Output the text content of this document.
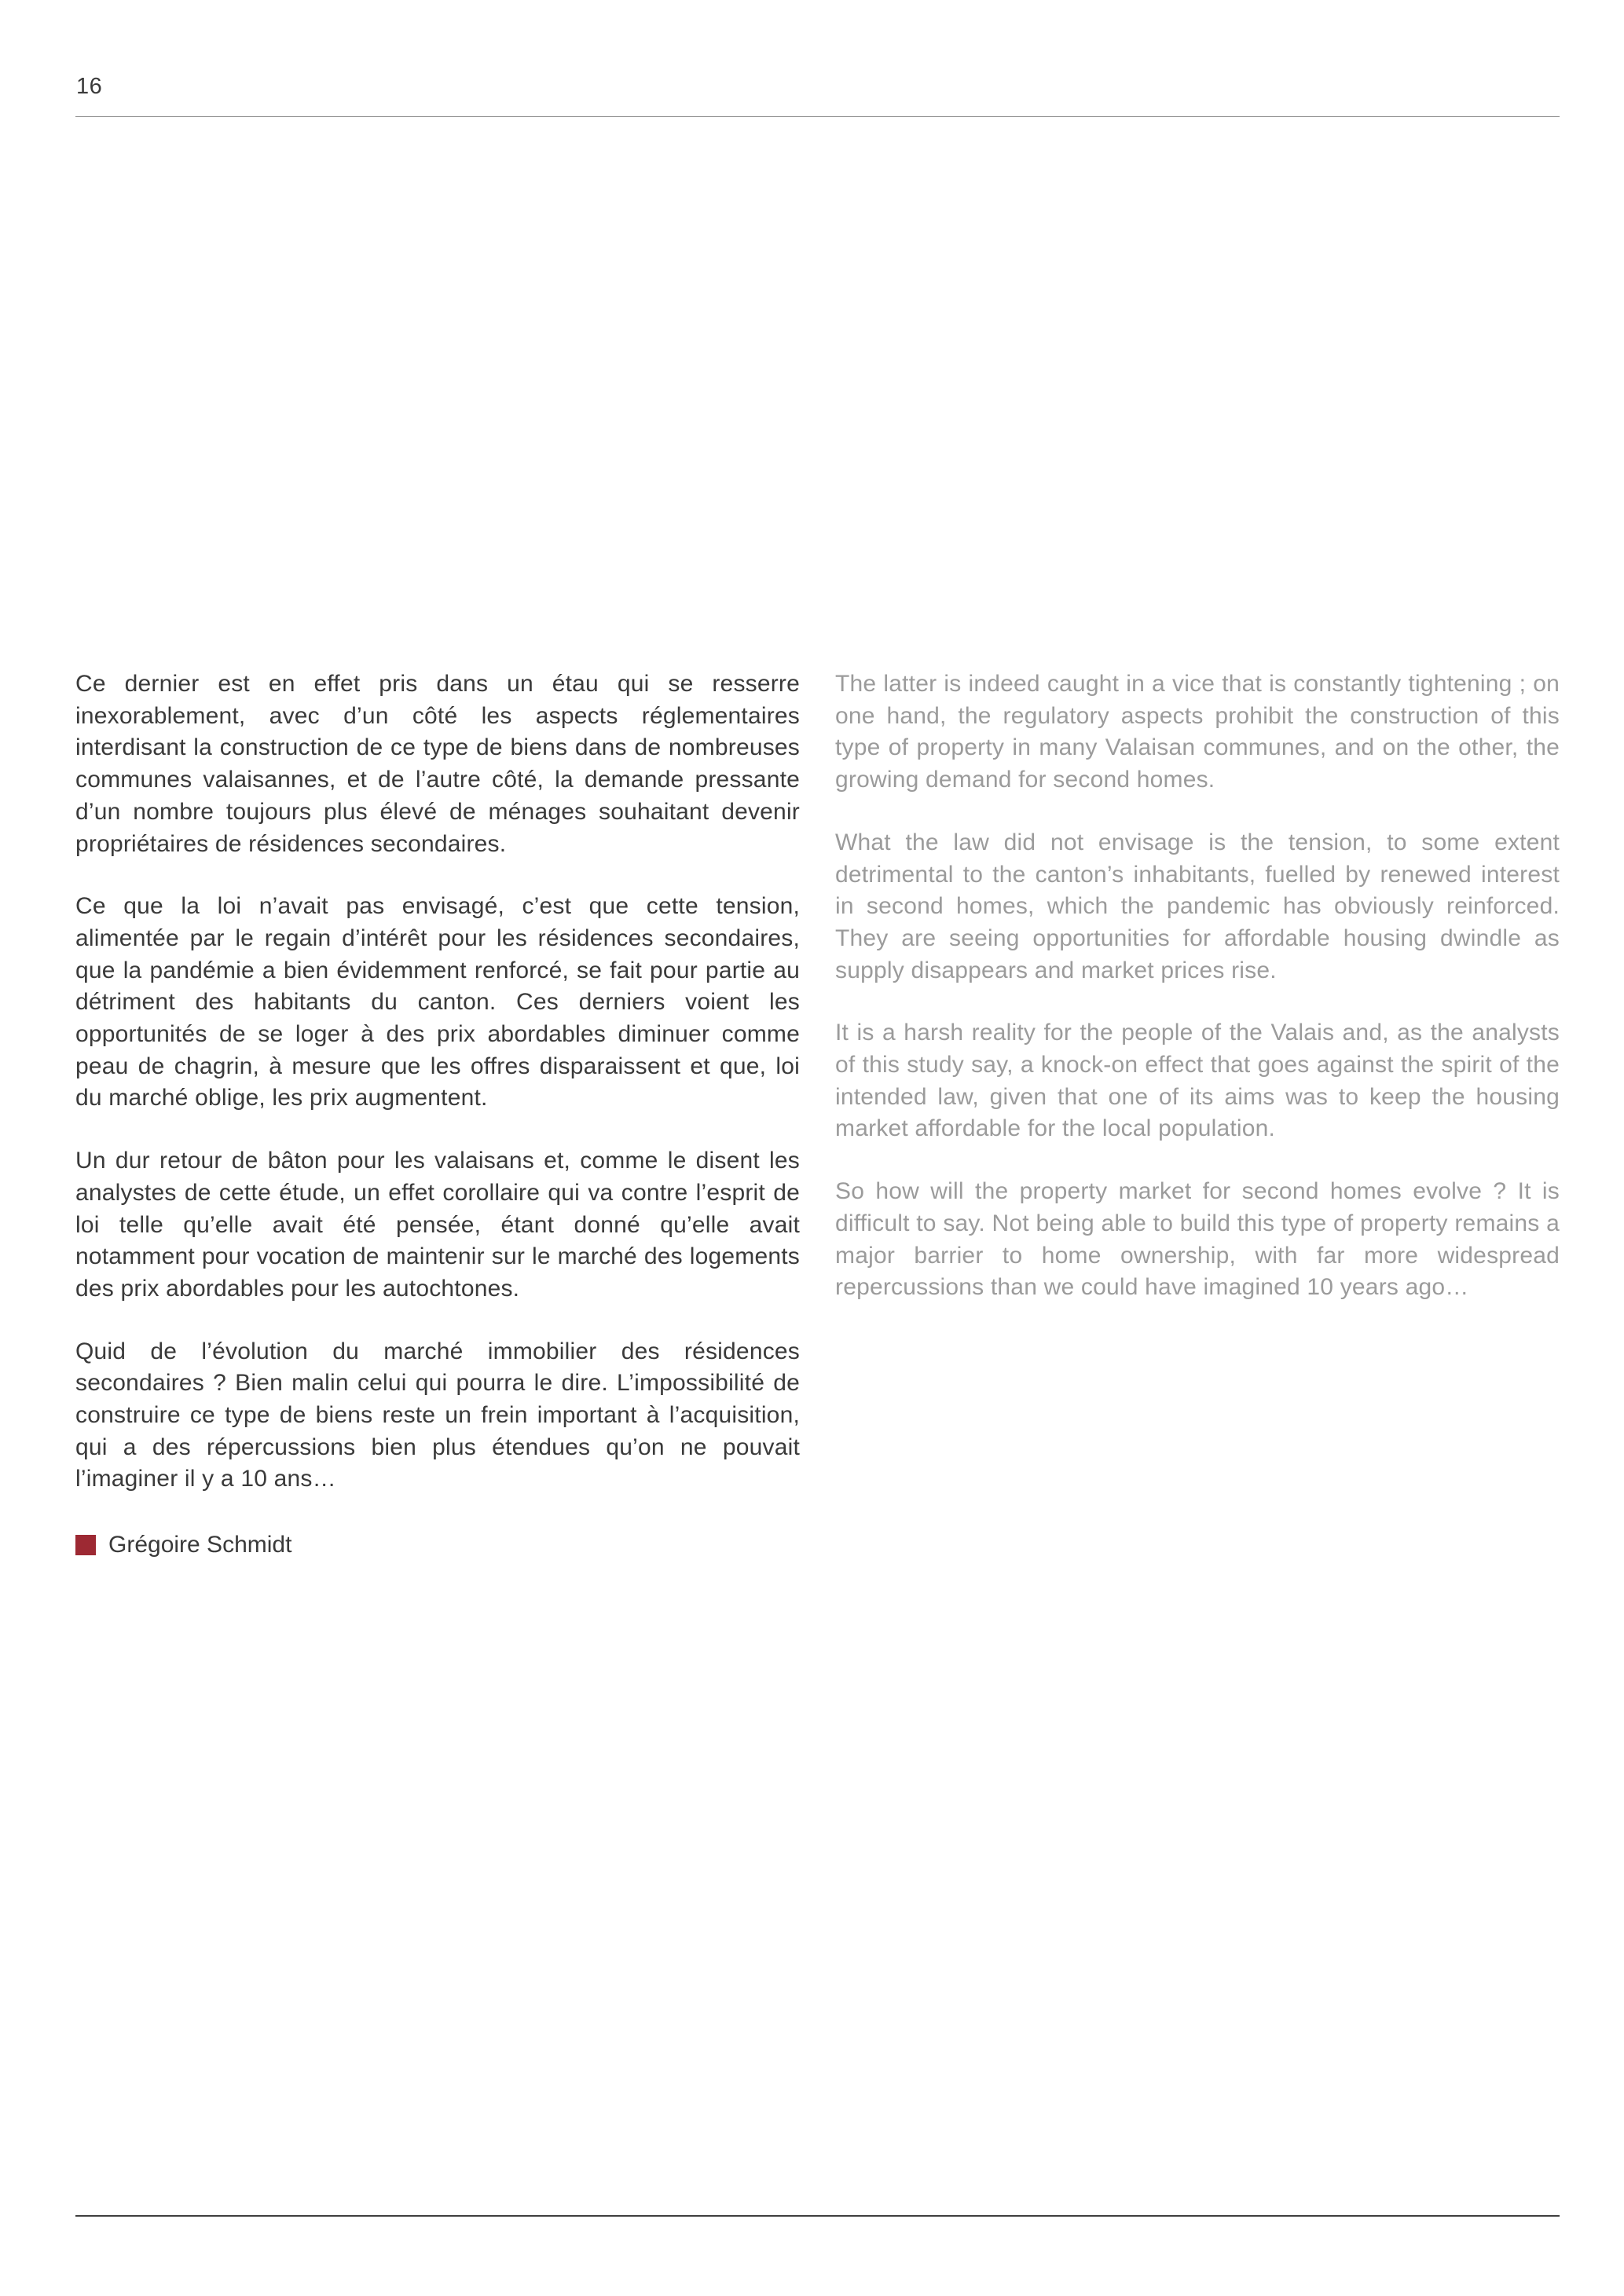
16

Ce dernier est en effet pris dans un étau qui se resserre inexorablement, avec d’un côté les aspects réglementaires interdisant la construction de ce type de biens dans de nombreuses communes valaisannes, et de l’autre côté, la demande pressante d’un nombre toujours plus élevé de ménages souhaitant devenir propriétaires de résidences secondaires.

Ce que la loi n’avait pas envisagé, c’est que cette tension, alimentée par le regain d’intérêt pour les résidences secondaires, que la pandémie a bien évidemment renforcé, se fait pour partie au détriment des habitants du canton. Ces derniers voient les opportunités de se loger à des prix abordables diminuer comme peau de chagrin, à mesure que les offres disparaissent et que, loi du marché oblige, les prix augmentent.

Un dur retour de bâton pour les valaisans et, comme le disent les analystes de cette étude, un effet corollaire qui va contre l’esprit de loi telle qu’elle avait été pensée, étant donné qu’elle avait notamment pour vocation de maintenir sur le marché des logements des prix abordables pour les autochtones.

Quid de l’évolution du marché immobilier des résidences secondaires ? Bien malin celui qui pourra le dire. L’impossibilité de construire ce type de biens reste un frein important à l’acquisition, qui a des répercussions bien plus étendues qu’on ne pouvait l’imaginer il y a 10 ans…

Grégoire Schmidt

The latter is indeed caught in a vice that is constantly tightening ; on one hand, the regulatory aspects prohibit the construction of this type of property in many Valaisan communes, and on the other, the growing demand for second homes.

What the law did not envisage is the tension, to some extent detrimental to the canton’s inhabitants, fuelled by renewed interest in second homes, which the pandemic has obviously reinforced. They are seeing opportunities for affordable housing dwindle as supply disappears and market prices rise.

It is a harsh reality for the people of the Valais and, as the analysts of this study say, a knock-on effect that goes against the spirit of the intended law, given that one of its aims was to keep the housing market affordable for the local population.

So how will the property market for second homes evolve ? It is difficult to say. Not being able to build this type of property remains a major barrier to home ownership, with far more widespread repercussions than we could have imagined 10 years ago…
